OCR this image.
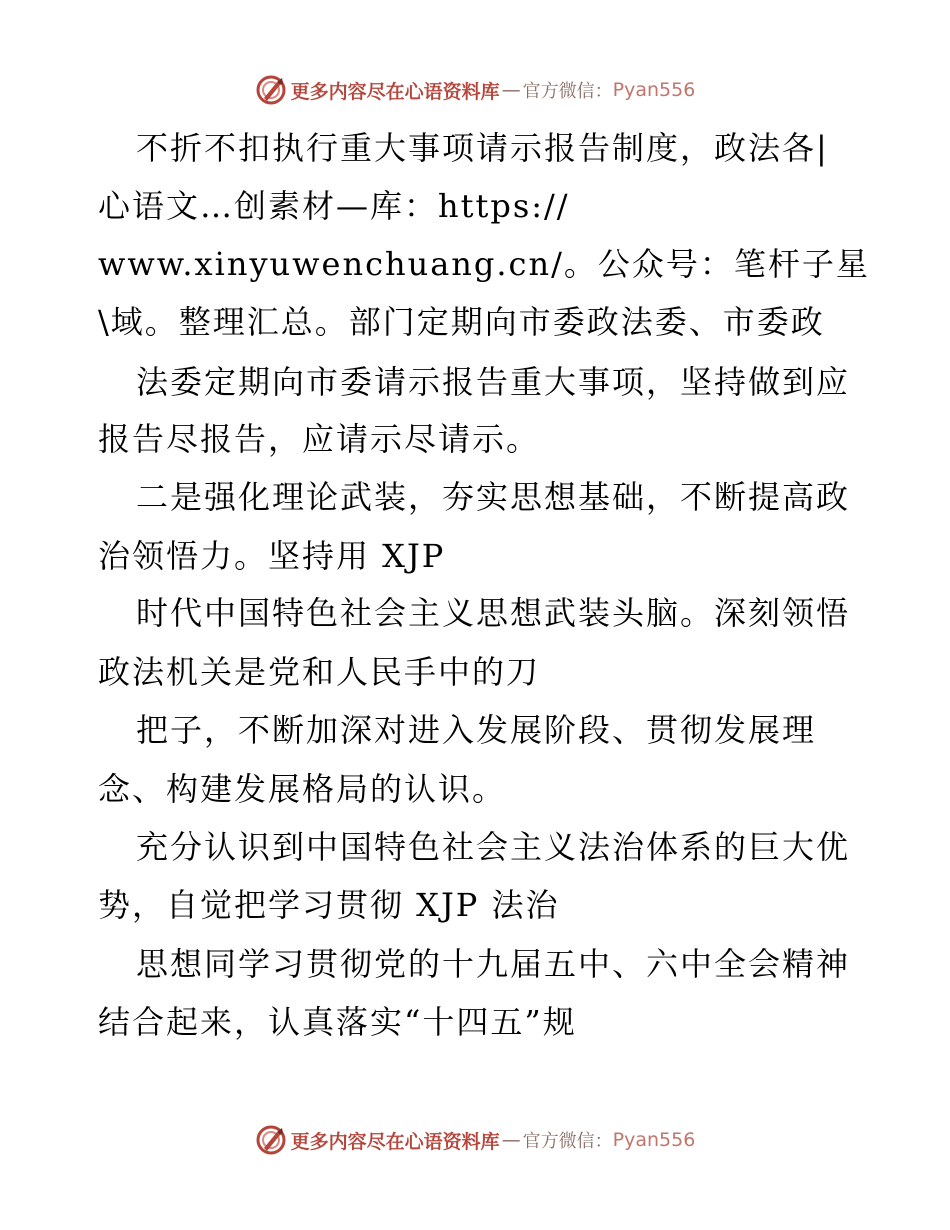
更多内容尽在心语资料库 — 官方微信： Pyan556
不折不扣执行重大事项请示报告制度，政法各|
心语文…创素材—库：https://
www.xinyuwenchuang.cn/。公众号：笔杆子星
\域。整理汇总。部门定期向市委政法委、市委政
法委定期向市委请示报告重大事项，坚持做到应
报告尽报告，应请示尽请示。
二是强化理论武装，夯实思想基础，不断提高政
治领悟力。坚持用 XJP
时代中国特色社会主义思想武装头脑。深刻领悟
政法机关是党和人民手中的刀
把子，不断加深对进入发展阶段、贯彻发展理
念、构建发展格局的认识。
充分认识到中国特色社会主义法治体系的巨大优
势，自觉把学习贯彻 XJP 法治
思想同学习贯彻党的十九届五中、六中全会精神
结合起来，认真落实“十四五”规
更多内容尽在心语资料库 — 官方微信： Pyan556
